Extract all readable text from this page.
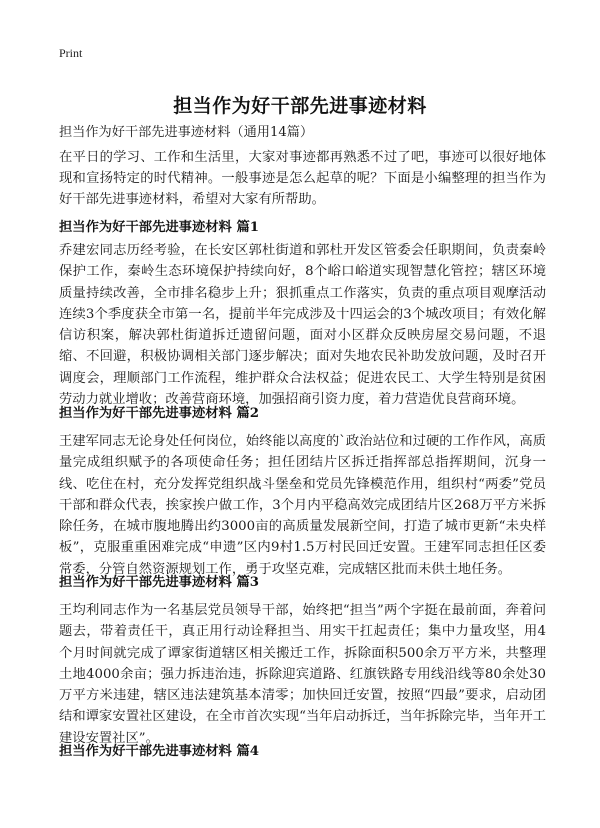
Print
担当作为好干部先进事迹材料
担当作为好干部先进事迹材料（通用14篇）

在平日的学习、工作和生活里，大家对事迹都再熟悉不过了吧，事迹可以很好地体现和宣扬特定的时代精神。一般事迹是怎么起草的呢？下面是小编整理的担当作为好干部先进事迹材料，希望对大家有所帮助。

担当作为好干部先进事迹材料 篇1

乔建宏同志历经考验，在长安区郭杜街道和郭杜开发区管委会任职期间，负责秦岭保护工作，秦岭生态环境保护持续向好，8个峪口峪道实现智慧化管控；辖区环境质量持续改善，全市排名稳步上升；狠抓重点工作落实，负责的重点项目观摩活动连续3个季度获全市第一名，提前半年完成涉及十四运会的3个城改项目；有效化解信访积案，解决郭杜街道拆迁遗留问题，面对小区群众反映房屋交易问题，不退缩、不回避，积极协调相关部门逐步解决；面对失地农民补助发放问题，及时召开调度会，理顺部门工作流程，维护群众合法权益；促进农民工、大学生特别是贫困劳动力就业增收；改善营商环境，加强招商引资力度，着力营造优良营商环境。

担当作为好干部先进事迹材料 篇2

王建军同志无论身处任何岗位，始终能以高度的`政治站位和过硬的工作作风，高质量完成组织赋予的各项使命任务；担任团结片区拆迁指挥部总指挥期间，沉身一线、吃住在村，充分发挥党组织战斗堡垒和党员先锋模范作用，组织村“两委”党员干部和群众代表，挨家挨户做工作，3个月内平稳高效完成团结片区268万平方米拆除任务，在城市腹地腾出约3000亩的高质量发展新空间，打造了城市更新“未央样板”，克服重重困难完成“申遗”区内9村1.5万村民回迁安置。王建军同志担任区委常委，分管自然资源规划工作，勇于攻坚克难，完成辖区批而未供土地任务。

担当作为好干部先进事迹材料 篇3

王均利同志作为一名基层党员领导干部，始终把“担当”两个字挺在最前面，奔着问题去，带着责任干，真正用行动诠释担当、用实干扛起责任；集中力量攻坚，用4个月时间就完成了谭家街道辖区相关搬迁工作，拆除面积500余万平方米，共整理土地4000余亩；强力拆违治违，拆除迎宾道路、红旗铁路专用线沿线等80余处30万平方米违建，辖区违法建筑基本清零；加快回迁安置，按照“四最”要求，启动团结和谭家安置社区建设，在全市首次实现“当年启动拆迁，当年拆除完毕，当年开工建设安置社区”。

担当作为好干部先进事迹材料 篇4
